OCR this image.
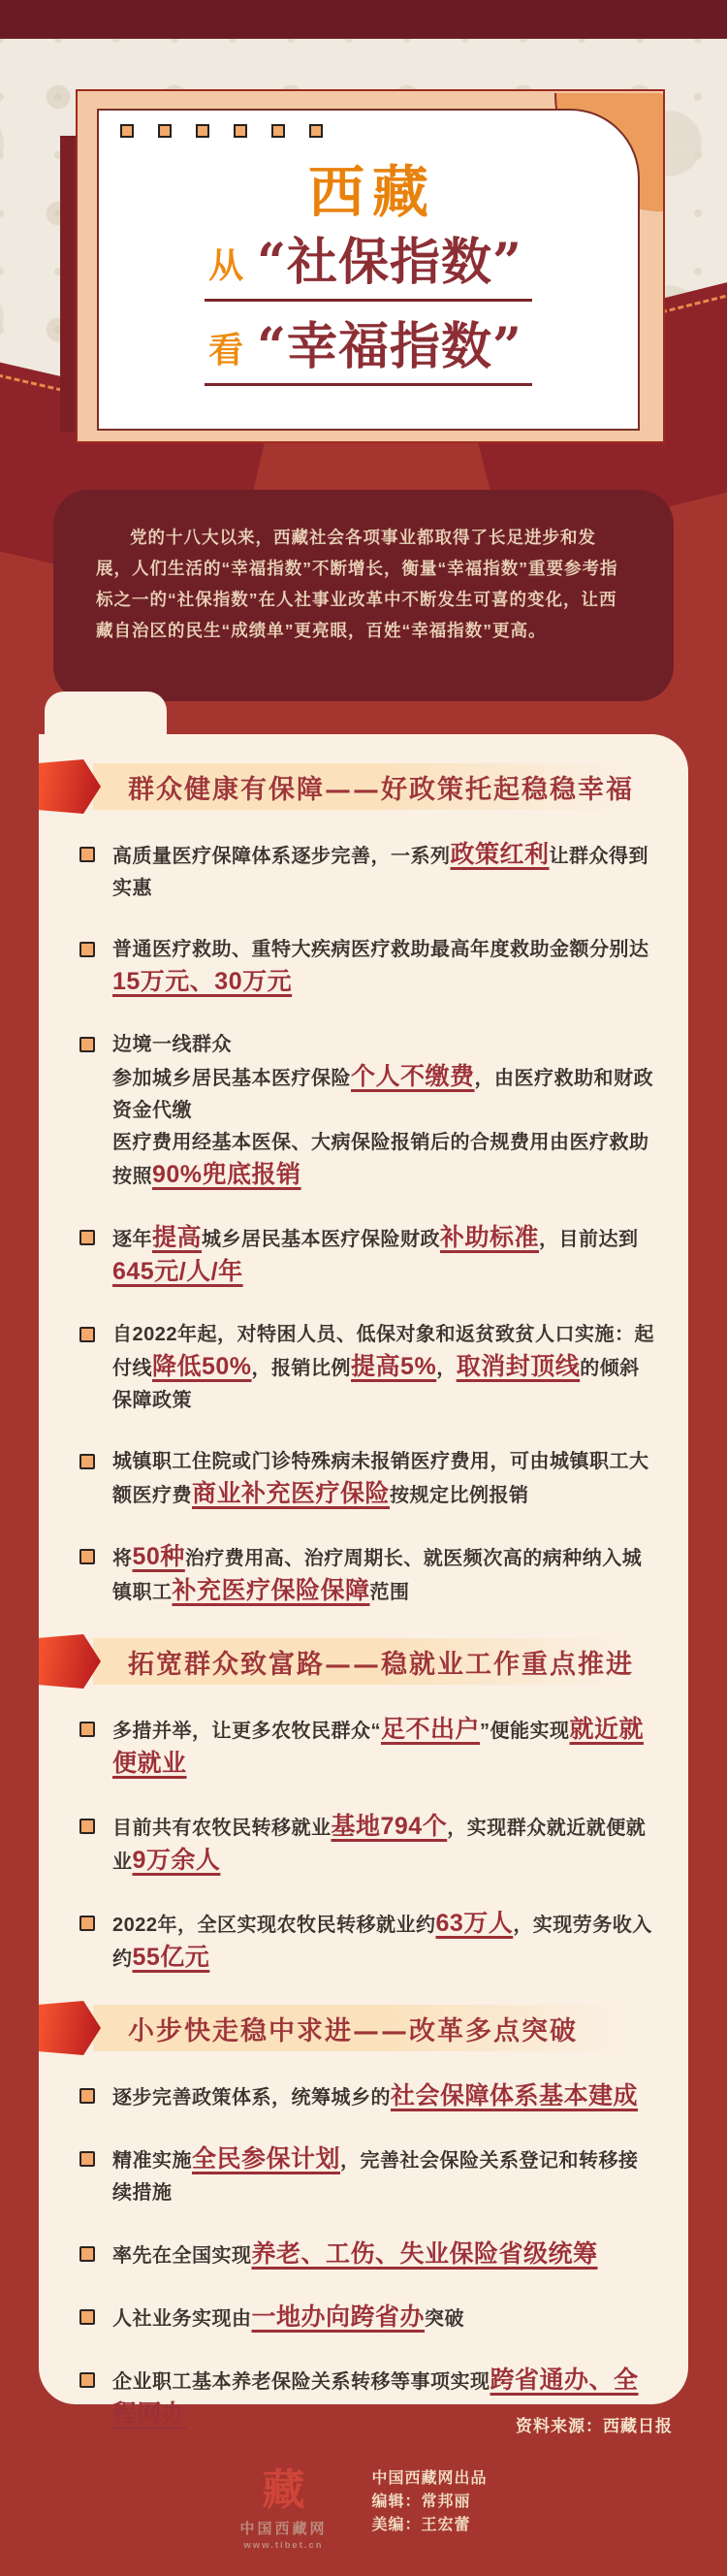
西藏
从 “社保指数”
看 “幸福指数”

党的十八大以来，西藏社会各项事业都取得了长足进步和发展，人们生活的“幸福指数”不断增长，衡量“幸福指数”重要参考指标之一的“社保指数”在人社事业改革中不断发生可喜的变化，让西藏自治区的民生“成绩单”更亮眼，百姓“幸福指数”更高。

群众健康有保障——好政策托起稳稳幸福
高质量医疗保障体系逐步完善，一系列政策红利让群众得到实惠
普通医疗救助、重特大疾病医疗救助最高年度救助金额分别达15万元、30万元
边境一线群众
参加城乡居民基本医疗保险个人不缴费，由医疗救助和财政资金代缴
医疗费用经基本医保、大病保险报销后的合规费用由医疗救助按照90%兜底报销
逐年提高城乡居民基本医疗保险财政补助标准，目前达到645元/人/年
自2022年起，对特困人员、低保对象和返贫致贫人口实施：起付线降低50%，报销比例提高5%，取消封顶线的倾斜保障政策
城镇职工住院或门诊特殊病未报销医疗费用，可由城镇职工大额医疗费商业补充医疗保险按规定比例报销
将50种治疗费用高、治疗周期长、就医频次高的病种纳入城镇职工补充医疗保险保障范围
拓宽群众致富路——稳就业工作重点推进
多措并举，让更多农牧民群众“足不出户”便能实现就近就便就业
目前共有农牧民转移就业基地794个，实现群众就近就便就业9万余人
2022年，全区实现农牧民转移就业约63万人，实现劳务收入约55亿元
小步快走稳中求进——改革多点突破
逐步完善政策体系，统筹城乡的社会保障体系基本建成
精准实施全民参保计划，完善社会保险关系登记和转移接续措施
率先在全国实现养老、工伤、失业保险省级统筹
人社业务实现由一地办向跨省办突破
企业职工基本养老保险关系转移等事项实现跨省通办、全程网办	资料来源：西藏日报
藏
中国西藏网
www.tibet.cn
中国西藏网出品
编辑：常邦丽
美编：王宏蕾
